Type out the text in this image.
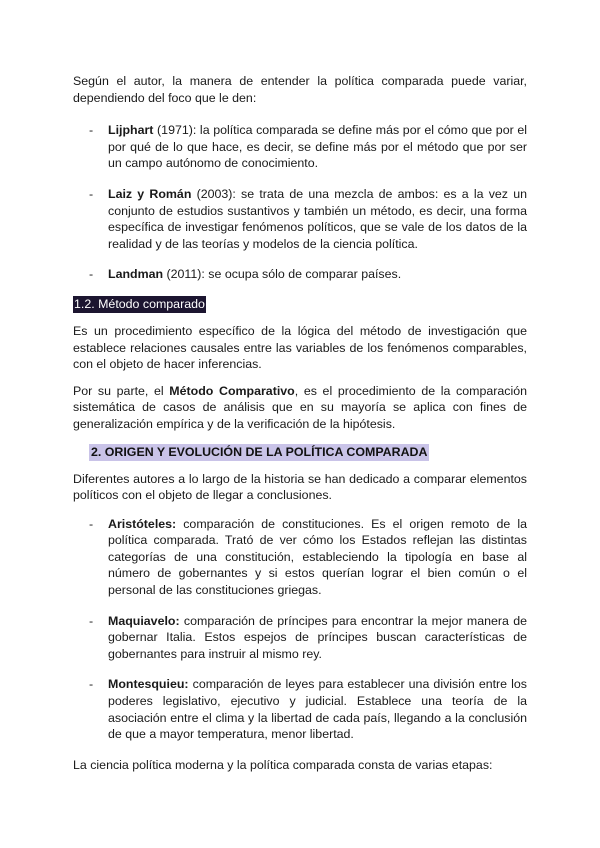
Según el autor, la manera de entender la política comparada puede variar, dependiendo del foco que le den:

- Lijphart (1971): la política comparada se define más por el cómo que por el por qué de lo que hace, es decir, se define más por el método que por ser un campo autónomo de conocimiento.
- Laiz y Román (2003): se trata de una mezcla de ambos: es a la vez un conjunto de estudios sustantivos y también un método, es decir, una forma específica de investigar fenómenos políticos, que se vale de los datos de la realidad y de las teorías y modelos de la ciencia política.
- Landman (2011): se ocupa sólo de comparar países.
1.2. Método comparado

Es un procedimiento específico de la lógica del método de investigación que establece relaciones causales entre las variables de los fenómenos comparables, con el objeto de hacer inferencias.

Por su parte, el Método Comparativo, es el procedimiento de la comparación sistemática de casos de análisis que en su mayoría se aplica con fines de generalización empírica y de la verificación de la hipótesis.

2. ORIGEN Y EVOLUCIÓN DE LA POLÍTICA COMPARADA

Diferentes autores a lo largo de la historia se han dedicado a comparar elementos políticos con el objeto de llegar a conclusiones.

- Aristóteles: comparación de constituciones. Es el origen remoto de la política comparada. Trató de ver cómo los Estados reflejan las distintas categorías de una constitución, estableciendo la tipología en base al número de gobernantes y si estos querían lograr el bien común o el personal de las constituciones griegas.
- Maquiavelo: comparación de príncipes para encontrar la mejor manera de gobernar Italia. Estos espejos de príncipes buscan características de gobernantes para instruir al mismo rey.
- Montesquieu: comparación de leyes para establecer una división entre los poderes legislativo, ejecutivo y judicial. Establece una teoría de la asociación entre el clima y la libertad de cada país, llegando a la conclusión de que a mayor temperatura, menor libertad.

La ciencia política moderna y la política comparada consta de varias etapas:
